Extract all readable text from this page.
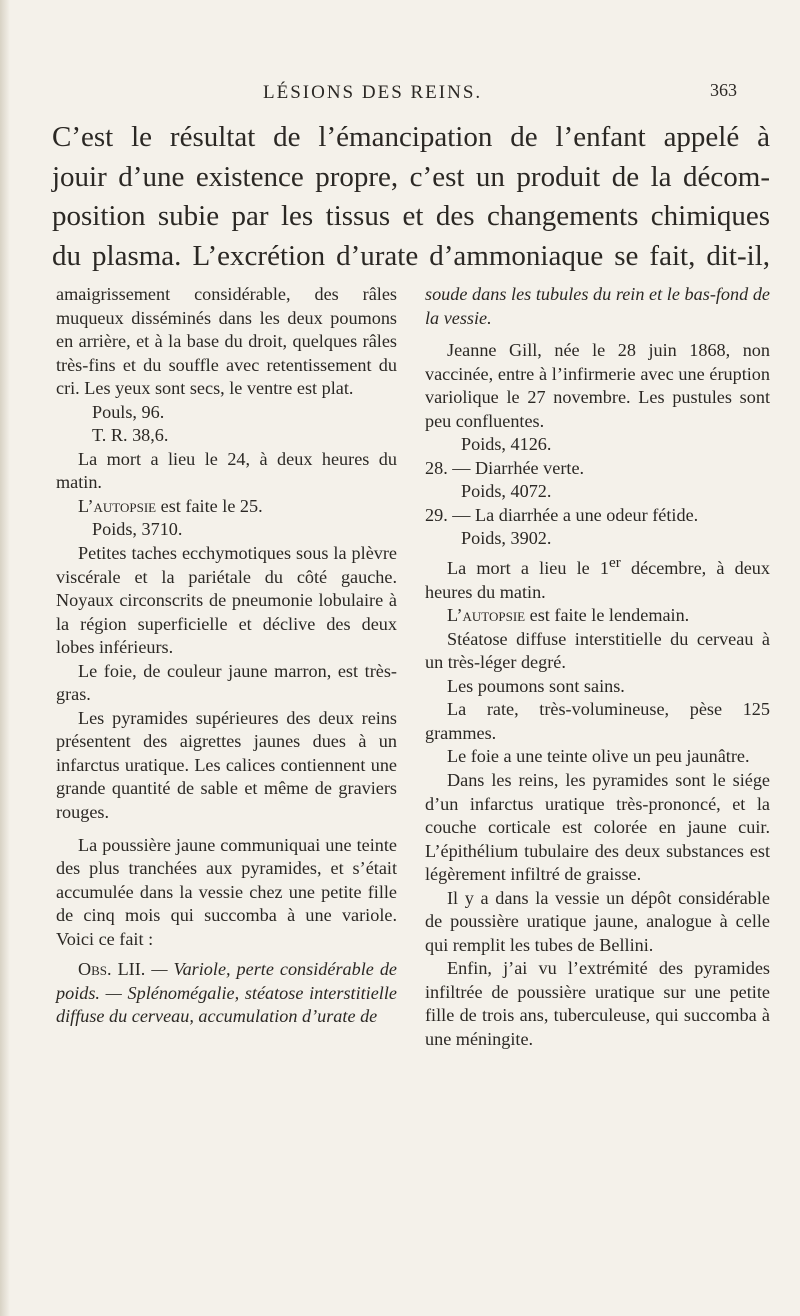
LÉSIONS DES REINS.	363

C’est le résultat de l’émancipation de l’enfant appelé à

jouir d’une existence propre, c’est un produit de la décom-

position subie par les tissus et des changements chimiques

du plasma. L’excrétion d’urate d’ammoniaque se fait, dit-il,

amaigrissement considérable, des râles muqueux disséminés dans les deux poumons en arrière, et à la base du droit, quelques râles très-fins et du souffle avec retentissement du cri. Les yeux sont secs, le ventre est plat.

Pouls, 96.

T. R. 38,6.

La mort a lieu le 24, à deux heures du matin.

L’autopsie est faite le 25.

Poids, 3710.

Petites taches ecchymotiques sous la plèvre viscérale et la pariétale du côté gauche. Noyaux circonscrits de pneumonie lobulaire à la région superficielle et déclive des deux lobes inférieurs.

Le foie, de couleur jaune marron, est très-gras.

Les pyramides supérieures des deux reins présentent des aigrettes jaunes dues à un infarctus uratique. Les calices contiennent une grande quantité de sable et même de graviers rouges.

La poussière jaune communiquai une teinte des plus tranchées aux pyramides, et s’était accumulée dans la vessie chez une petite fille de cinq mois qui succomba à une variole. Voici ce fait :

Obs. LII. — Variole, perte considérable de poids. — Splénomégalie, stéatose interstitielle diffuse du cerveau, accumulation d’urate de

soude dans les tubules du rein et le bas-fond de la vessie.

Jeanne Gill, née le 28 juin 1868, non vaccinée, entre à l’infirmerie avec une éruption variolique le 27 novembre. Les pustules sont peu confluentes.

Poids, 4126.

28. — Diarrhée verte.

Poids, 4072.

29. — La diarrhée a une odeur fétide.

Poids, 3902.

La mort a lieu le 1er décembre, à deux heures du matin.

L’autopsie est faite le lendemain.

Stéatose diffuse interstitielle du cerveau à un très-léger degré.

Les poumons sont sains.

La rate, très-volumineuse, pèse 125 grammes.

Le foie a une teinte olive un peu jaunâtre.

Dans les reins, les pyramides sont le siége d’un infarctus uratique très-prononcé, et la couche corticale est colorée en jaune cuir. L’épithélium tubulaire des deux substances est légèrement infiltré de graisse.

Il y a dans la vessie un dépôt considérable de poussière uratique jaune, analogue à celle qui remplit les tubes de Bellini.

Enfin, j’ai vu l’extrémité des pyramides infiltrée de poussière uratique sur une petite fille de trois ans, tuberculeuse, qui succomba à une méningite.
